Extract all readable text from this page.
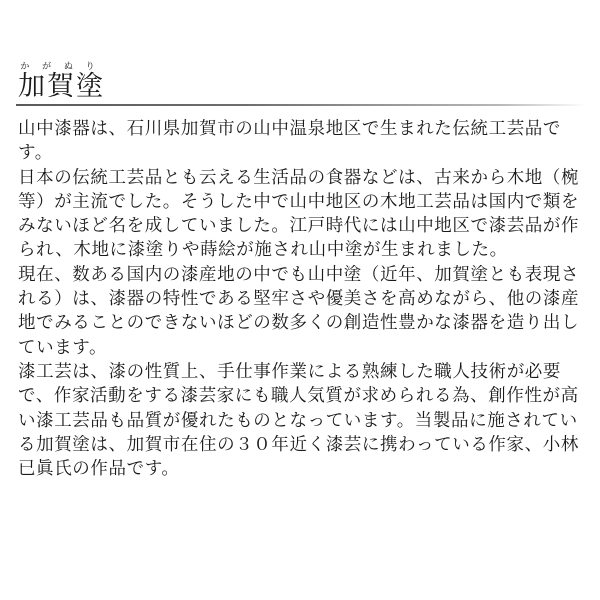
加賀塗かがぬり

山中漆器は、石川県加賀市の山中温泉地区で生まれた伝統工芸品です。

日本の伝統工芸品とも云える生活品の食器などは、古来から木地（椀等）が主流でした。そうした中で山中地区の木地工芸品は国内で類をみないほど名を成していました。江戸時代には山中地区で漆芸品が作られ、木地に漆塗りや蒔絵が施され山中塗が生まれました。

現在、数ある国内の漆産地の中でも山中塗（近年、加賀塗とも表現される）は、漆器の特性である堅牢さや優美さを高めながら、他の漆産地でみることのできないほどの数多くの創造性豊かな漆器を造り出しています。

漆工芸は、漆の性質上、手仕事作業による熟練した職人技術が必要で、作家活動をする漆芸家にも職人気質が求められる為、創作性が高い漆工芸品も品質が優れたものとなっています。当製品に施されている加賀塗は、加賀市在住の３０年近く漆芸に携わっている作家、小林已眞氏の作品です。
